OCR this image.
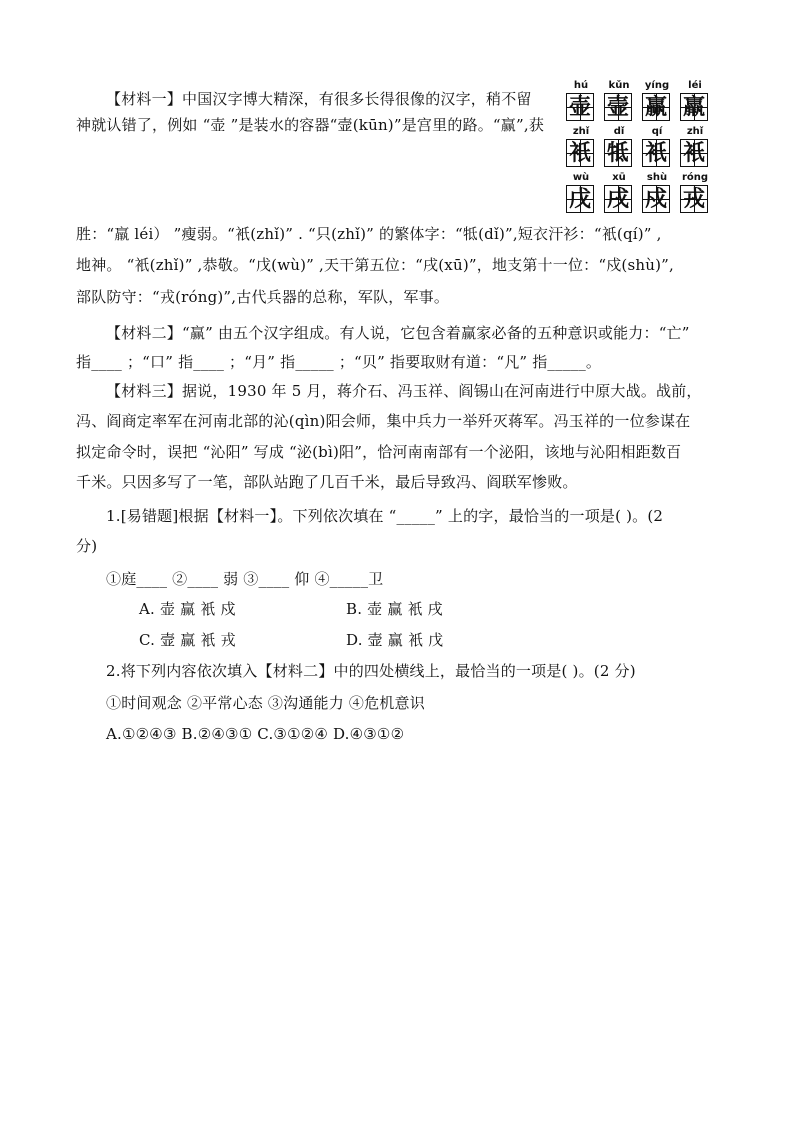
【材料一】中国汉字博大精深，有很多长得很像的汉字，稍不留
神就认错了，例如 “壶 ”是装水的容器“壸(kūn)”是宫里的路。“赢”,获
hú
壶
kǔn
壸
yíng
赢
léi
羸
zhǐ
衹
dǐ
牴
qí
衹
zhǐ
衹
wù
戊
xū
戌
shù
戍
róng
戎
胜：“羸 léi） ”瘦弱。“衹(zhǐ)” . “只(zhǐ)” 的繁体字：“牴(dǐ)”,短衣汗衫：“衹(qí)” ,
地神。 “衹(zhǐ)” ,恭敬。“戊(wù)” ,天干第五位：“戌(xū)”，地支第十一位：“戍(shù)”,
部队防守：“戎(róng)”,古代兵器的总称，军队，军事。
【材料二】“赢” 由五个汉字组成。有人说，它包含着赢家必备的五种意识或能力：“亡”
指____ ；“口” 指____ ；“月” 指_____ ；“贝” 指要取财有道：“凡” 指_____。
【材料三】据说，1930 年 5 月，蒋介石、冯玉祥、阎锡山在河南进行中原大战。战前，
冯、阎商定率军在河南北部的沁(qìn)阳会师，集中兵力一举歼灭蒋军。冯玉祥的一位参谋在
拟定命令时，误把 “沁阳” 写成 “泌(bì)阳”，恰河南南部有一个泌阳，该地与沁阳相距数百
千米。只因多写了一笔，部队站跑了几百千米，最后导致冯、阎联军惨败。
1.[易错题]根据【材料一】。下列依次填在 “_____” 上的字，最恰当的一项是( )。(2
分)
①庭____ ②____ 弱 ③____ 仰 ④_____卫
A. 壶 赢 衹 戍	B. 壶 赢 衹 戌
C. 壸 赢 衹 戎	D. 壸 赢 衹 戊
2.将下列内容依次填入【材料二】中的四处横线上，最恰当的一项是( )。(2 分)
①时间观念 ②平常心态 ③沟通能力 ④危机意识
A.①②④③ B.②④③① C.③①②④ D.④③①②
